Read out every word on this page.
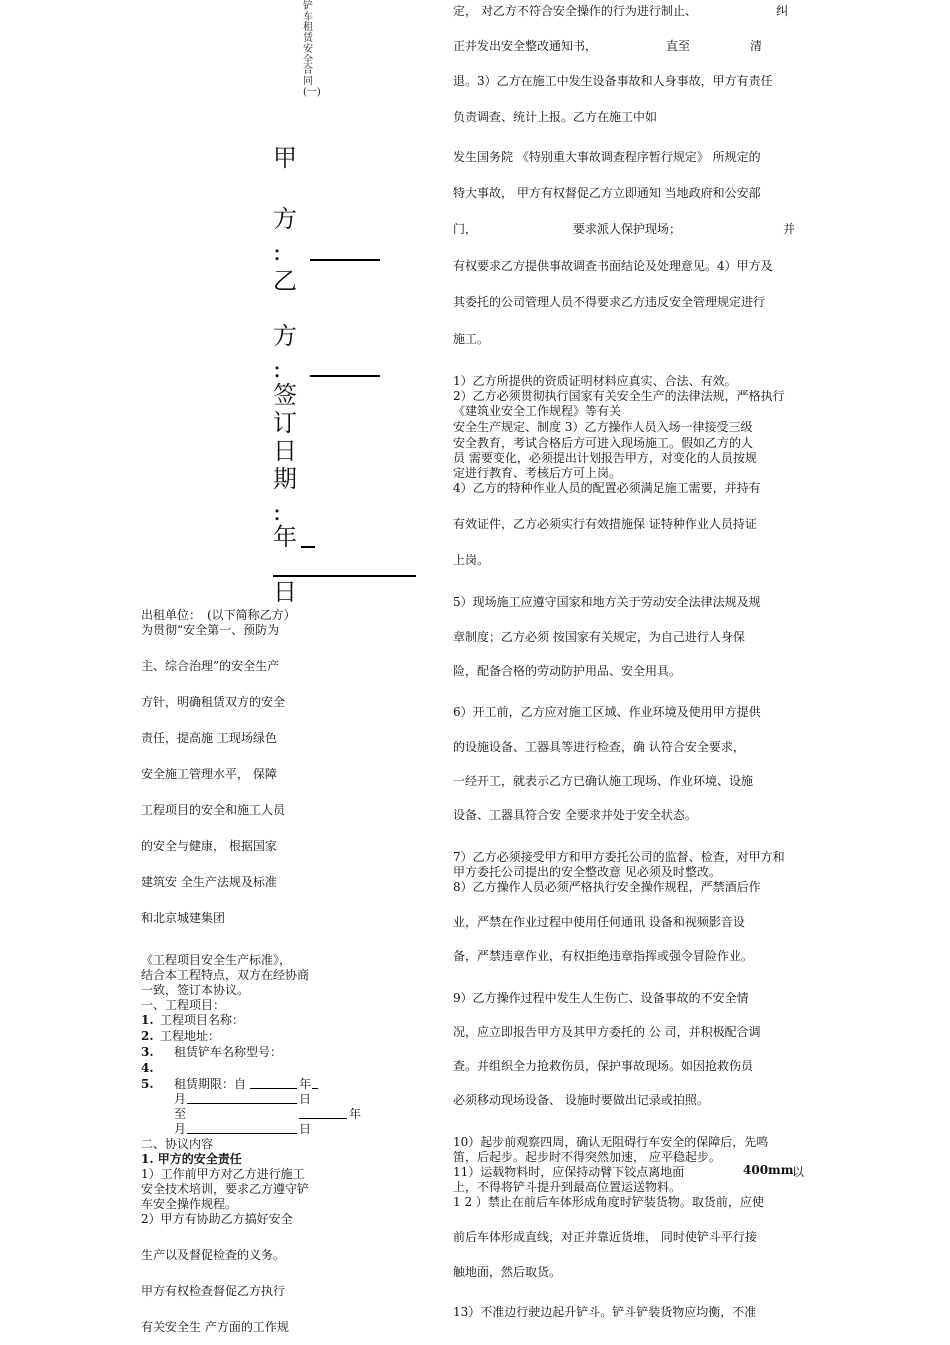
铲车租赁安全合同(一)
甲
方
:
乙
方
:
签
订
日
期
:
年
日
出租单位：　(以下简称乙方）
为贯彻“安全第一、预防为
主、综合治理”的安全生产
方针，明确租赁双方的安全
责任，提高施 工现场绿色
安全施工管理水平， 保障
工程项目的安全和施工人员
的安全与健康， 根据国家
建筑安 全生产法规及标准
和北京城建集团
《工程项目安全生产标准》，
结合本工程特点，双方在经协商
一致，签订本协议。
一、工程项目：
1. 工程项目名称：
2. 工程地址：
3. 租赁铲车名称型号：
4.
5. 租赁期限：自	年
月	日
至	年
月	日
二、协议内容
1. 甲方的安全责任
1）工作前甲方对乙方进行施工
安全技术培训，要求乙方遵守铲
车安全操作规程。
2）甲方有协助乙方搞好安全
生产以及督促检查的义务。
甲方有权检查督促乙方执行
有关安全生 产方面的工作规
定， 对乙方不符合安全操作的行为进行制止、	纠
正并发出安全整改通知书，	直至	清
退。3）乙方在施工中发生设备事故和人身事故，甲方有责任
负责调查、统计上报。乙方在施工中如
发生国务院 《特别重大事故调查程序暂行规定》 所规定的
特大事故， 甲方有权督促乙方立即通知 当地政府和公安部
门，	要求派人保护现场；	并
有权要求乙方提供事故调查书面结论及处理意见。4）甲方及
其委托的公司管理人员不得要求乙方违反安全管理规定进行
施工。
1）乙方所提供的资质证明材料应真实、合法、有效。
2）乙方必须贯彻执行国家有关安全生产的法律法规，严格执行
《建筑业安全工作规程》等有关
安全生产规定、制度 3）乙方操作人员入场一律接受三级
安全教育，考试合格后方可进入现场施工。假如乙方的人
员 需要变化，必须提出计划报告甲方，对变化的人员按规
定进行教育、考核后方可上岗。
4）乙方的特种作业人员的配置必须满足施工需要，并持有
有效证件，乙方必须实行有效措施保 证特种作业人员持证
上岗。
5）现场施工应遵守国家和地方关于劳动安全法律法规及规
章制度；乙方必须 按国家有关规定，为自己进行人身保
险，配备合格的劳动防护用品、安全用具。
6）开工前，乙方应对施工区域、作业环境及使用甲方提供
的设施设备、工器具等进行检查，确 认符合安全要求，
一经开工，就表示乙方已确认施工现场、作业环境、设施
设备、工器具符合安 全要求并处于安全状态。
7）乙方必须接受甲方和甲方委托公司的监督、检查，对甲方和
甲方委托公司提出的安全整改意 见必须及时整改。
8）乙方操作人员必须严格执行安全操作规程，严禁酒后作
业，严禁在作业过程中使用任何通讯 设备和视频影音设
备，严禁违章作业，有权拒绝违章指挥或强令冒险作业。
9）乙方操作过程中发生人生伤亡、设备事故的不安全情
况，应立即报告甲方及其甲方委托的 公 司，并积极配合调
查。并组织全力抢救伤员，保护事故现场。如因抢救伤员
必须移动现场设备、 设施时要做出记录或拍照。
10）起步前观察四周，确认无阻碍行车安全的保障后，先鸣
笛，后起步。起步时不得突然加速， 应平稳起步。
11）运载物料时，应保持动臂下铰点离地面	400mm
以
上，不得将铲斗提升到最高位置运送物料。
1 2 ）禁止在前后车体形成角度时铲装货物。取货前，应使
前后车体形成直线，对正并靠近货堆， 同时使铲斗平行接
触地面，然后取货。
13）不准边行驶边起升铲斗。铲斗铲装货物应均衡，不准
